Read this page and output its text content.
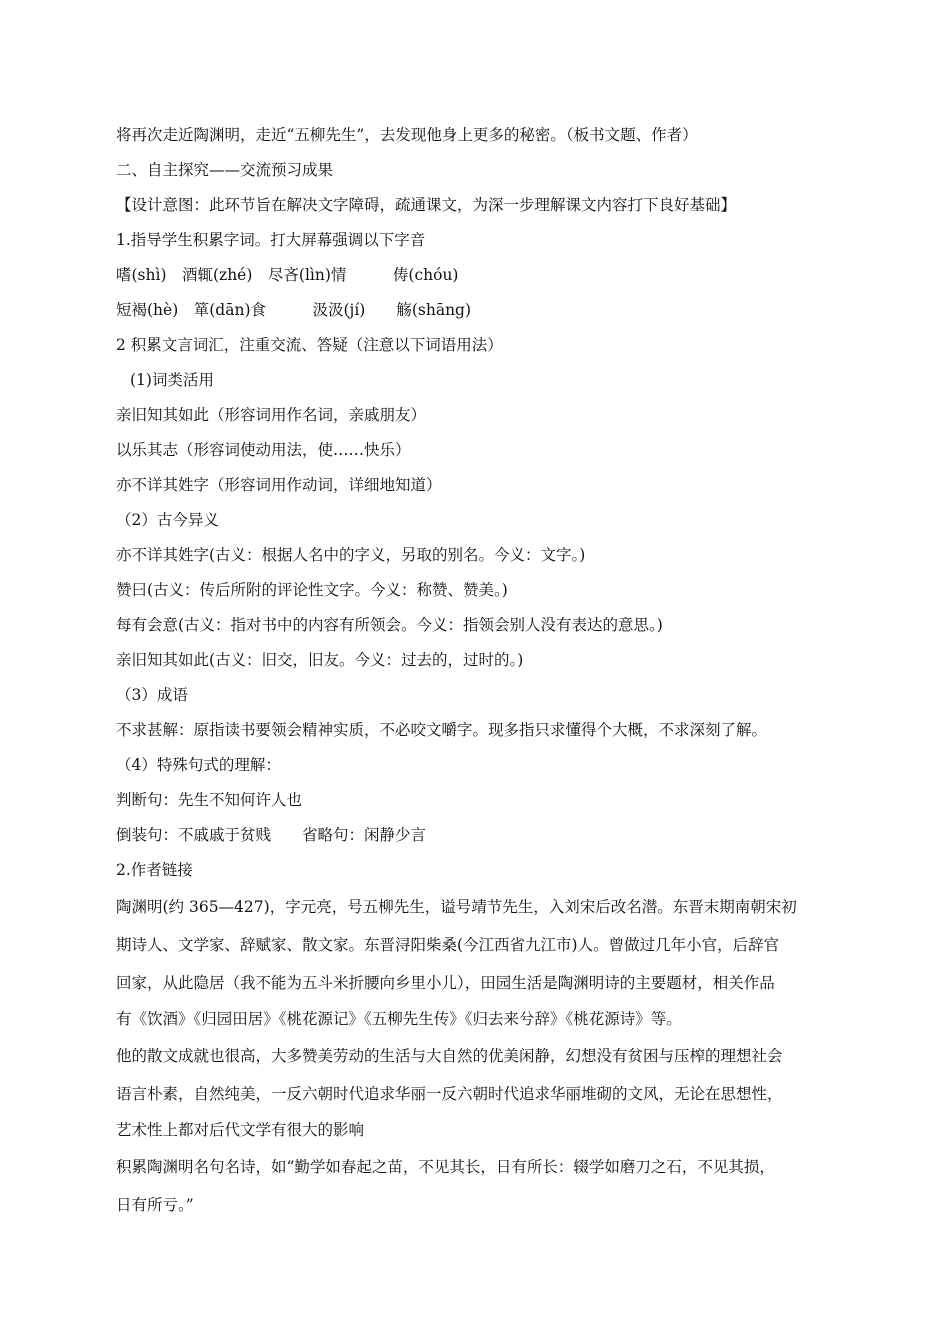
将再次走近陶渊明，走近“五柳先生”，去发现他身上更多的秘密。（板书文题、作者）
二、自主探究——交流预习成果
【设计意图：此环节旨在解决文字障碍，疏通课文，为深一步理解课文内容打下良好基础】
1.指导学生积累字词。打大屏幕强调以下字音
嗜(shì)　酒辄(zhé)　尽吝(lìn)情　　　俦(chóu)
短褐(hè)　箪(dān)食　　　汲汲(jí)　　觞(shāng)
2 积累文言词汇，注重交流、答疑（注意以下词语用法）
(1)词类活用
亲旧知其如此（形容词用作名词，亲戚朋友）
以乐其志（形容词使动用法，使……快乐）
亦不详其姓字（形容词用作动词，详细地知道）
（2）古今异义
亦不详其姓字(古义：根据人名中的字义，另取的别名。今义：文字。)
赞曰(古义：传后所附的评论性文字。今义：称赞、赞美。)
每有会意(古义：指对书中的内容有所领会。今义：指领会别人没有表达的意思。)
亲旧知其如此(古义：旧交，旧友。今义：过去的，过时的。)
（3）成语
不求甚解：原指读书要领会精神实质，不必咬文嚼字。现多指只求懂得个大概，不求深刻了解。
（4）特殊句式的理解：
判断句：先生不知何许人也
倒装句：不戚戚于贫贱　　省略句：闲静少言
2.作者链接
陶渊明(约 365—427)，字元亮，号五柳先生，谥号靖节先生，入刘宋后改名潜。东晋末期南朝宋初
期诗人、文学家、辞赋家、散文家。东晋浔阳柴桑(今江西省九江市)人。曾做过几年小官，后辞官
回家，从此隐居（我不能为五斗米折腰向乡里小儿），田园生活是陶渊明诗的主要题材，相关作品
有《饮酒》《归园田居》《桃花源记》《五柳先生传》《归去来兮辞》《桃花源诗》等。
他的散文成就也很高，大多赞美劳动的生活与大自然的优美闲静，幻想没有贫困与压榨的理想社会
语言朴素，自然纯美，一反六朝时代追求华丽一反六朝时代追求华丽堆砌的文风，无论在思想性，
艺术性上都对后代文学有很大的影响
积累陶渊明名句名诗，如“勤学如春起之苗，不见其长，日有所长：辍学如磨刀之石，不见其损，
日有所亏。”
